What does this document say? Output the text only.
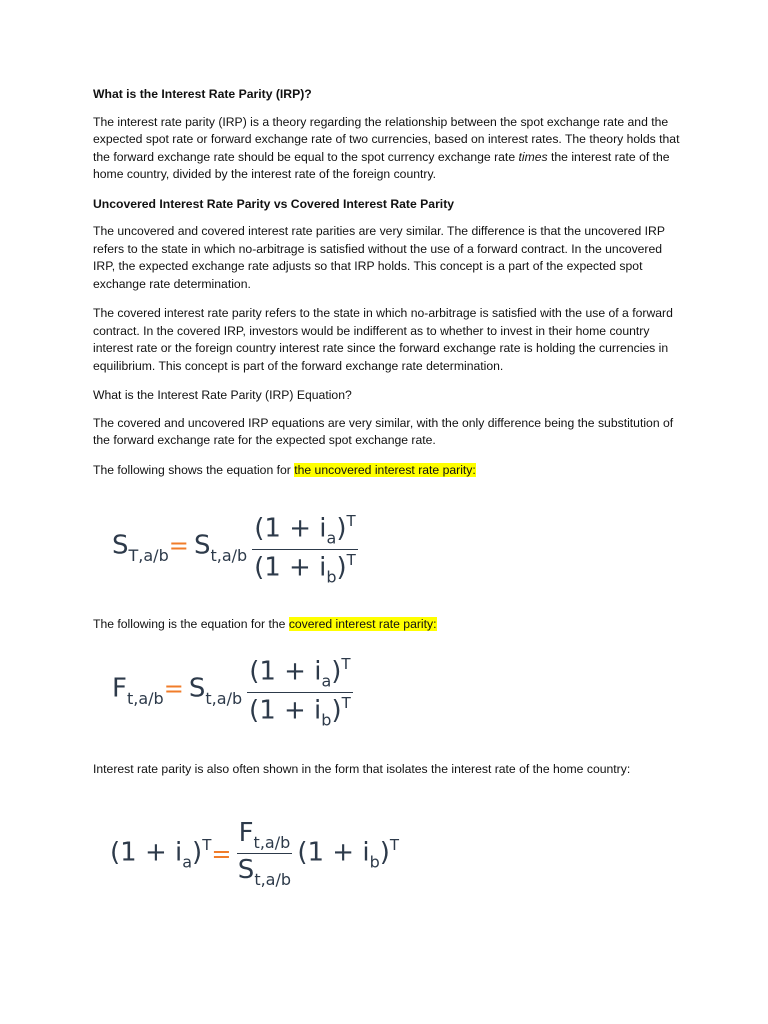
What is the Interest Rate Parity (IRP)?

The interest rate parity (IRP) is a theory regarding the relationship between the spot exchange rate and the expected spot rate or forward exchange rate of two currencies, based on interest rates. The theory holds that the forward exchange rate should be equal to the spot currency exchange rate times the interest rate of the home country, divided by the interest rate of the foreign country.

Uncovered Interest Rate Parity vs Covered Interest Rate Parity

The uncovered and covered interest rate parities are very similar. The difference is that the uncovered IRP refers to the state in which no-arbitrage is satisfied without the use of a forward contract. In the uncovered IRP, the expected exchange rate adjusts so that IRP holds. This concept is a part of the expected spot exchange rate determination.

The covered interest rate parity refers to the state in which no-arbitrage is satisfied with the use of a forward contract. In the covered IRP, investors would be indifferent as to whether to invest in their home country interest rate or the foreign country interest rate since the forward exchange rate is holding the currencies in equilibrium. This concept is part of the forward exchange rate determination.

What is the Interest Rate Parity (IRP) Equation?

The covered and uncovered IRP equations are very similar, with the only difference being the substitution of the forward exchange rate for the expected spot exchange rate.

The following shows the equation for the uncovered interest rate parity:

$ST,a/b= St,a/b \frac{(1 + i_a)^T}{(1 + i_b)^T}$

The following is the equation for the covered interest rate parity:

$Ft,a/b= St,a/b \frac{(1 + i_a)^T}{(1 + i_b)^T}$

Interest rate parity is also often shown in the form that isolates the interest rate of the home country:

$(1 + i_a)^T= \frac{Ft,a/b}{St,a/b} (1 + i_b)^T$
